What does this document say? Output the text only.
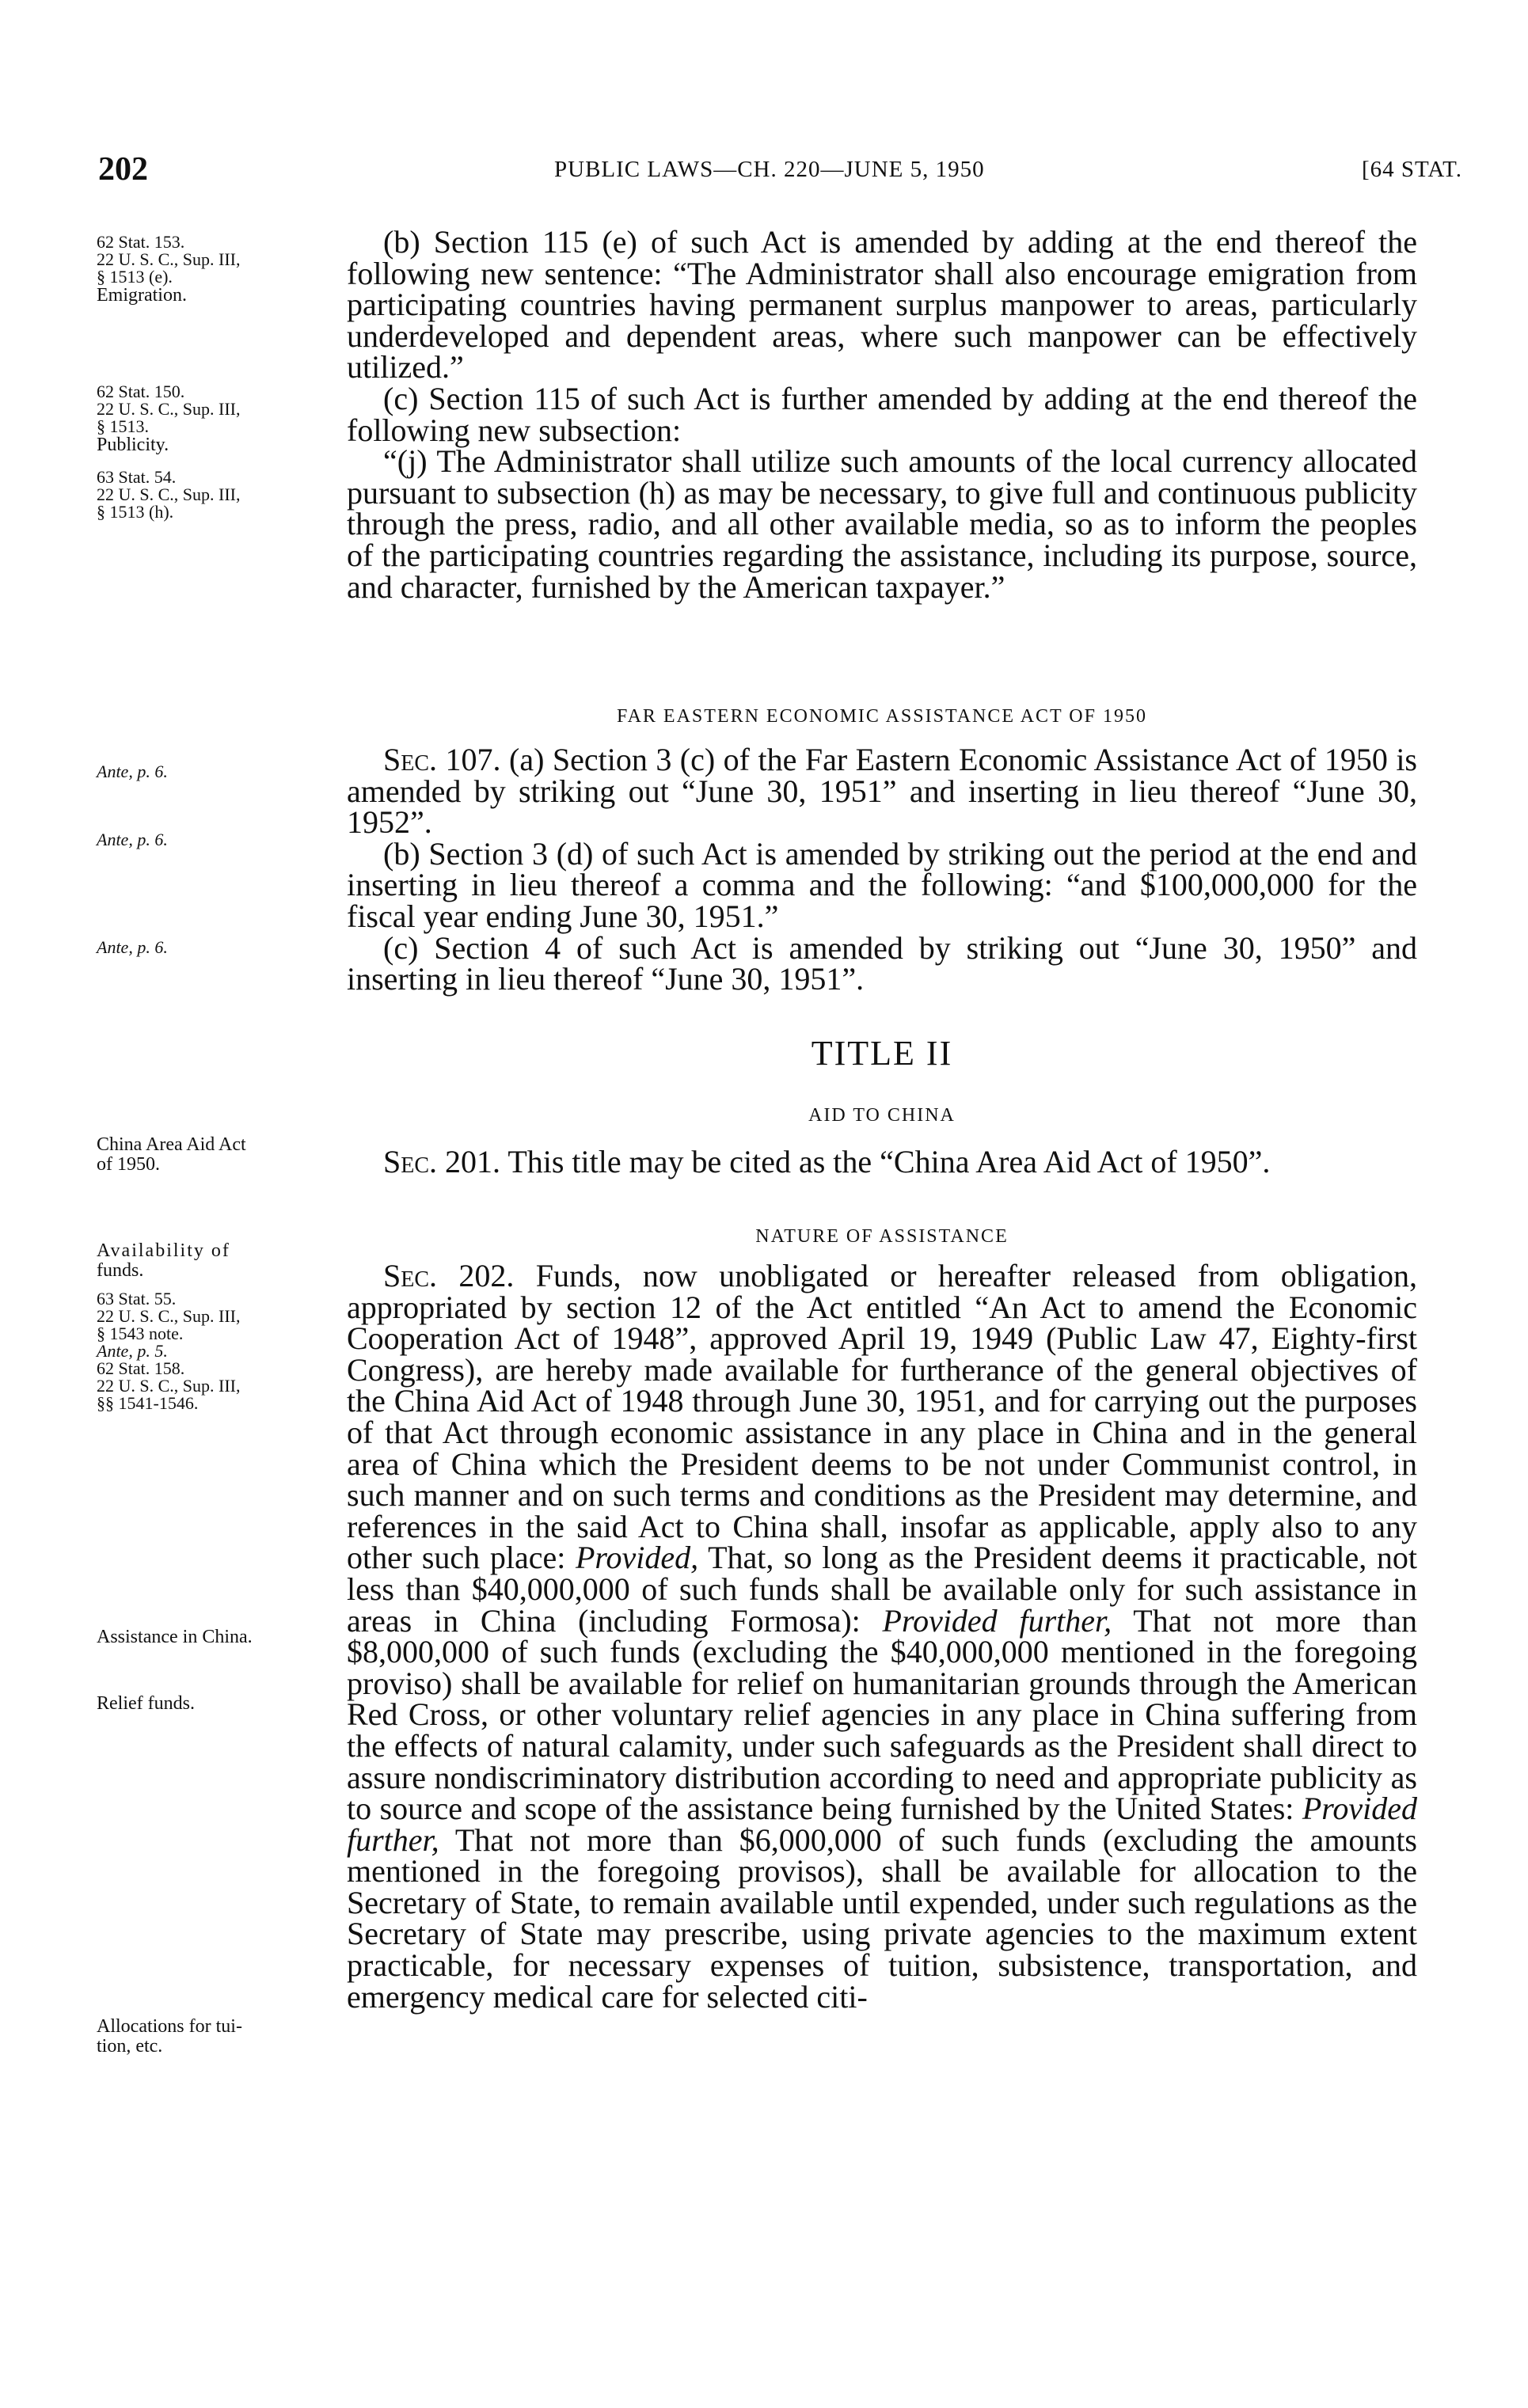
202	PUBLIC LAWS—CH. 220—JUNE 5, 1950	[64 STAT.
62 Stat. 153.
22 U. S. C., Sup. III,
§ 1513 (e).
Emigration.
62 Stat. 150.
22 U. S. C., Sup. III,
§ 1513.
Publicity.
63 Stat. 54.
22 U. S. C., Sup. III,
§ 1513 (h).
Ante, p. 6.
Ante, p. 6.
Ante, p. 6.
China Area Aid Act
of 1950.
Availability of
funds.
63 Stat. 55.
22 U. S. C., Sup. III,
§ 1543 note.
Ante, p. 5.
62 Stat. 158.
22 U. S. C., Sup. III,
§§ 1541-1546.
Assistance in China.
Relief funds.
Allocations for tui-
tion, etc.

(b) Section 115 (e) of such Act is amended by adding at the end thereof the following new sentence: “The Administrator shall also encourage emigration from participating countries having permanent surplus manpower to areas, particularly underdeveloped and dependent areas, where such manpower can be effectively utilized.”

(c) Section 115 of such Act is further amended by adding at the end thereof the following new subsection:

“(j) The Administrator shall utilize such amounts of the local currency allocated pursuant to subsection (h) as may be necessary, to give full and continuous publicity through the press, radio, and all other available media, so as to inform the peoples of the participating countries regarding the assistance, including its purpose, source, and character, furnished by the American taxpayer.”

FAR EASTERN ECONOMIC ASSISTANCE ACT OF 1950

Sec. 107. (a) Section 3 (c) of the Far Eastern Economic Assistance Act of 1950 is amended by striking out “June 30, 1951” and inserting in lieu thereof “June 30, 1952”.

(b) Section 3 (d) of such Act is amended by striking out the period at the end and inserting in lieu thereof a comma and the following: “and $100,000,000 for the fiscal year ending June 30, 1951.”

(c) Section 4 of such Act is amended by striking out “June 30, 1950” and inserting in lieu thereof “June 30, 1951”.

TITLE II
AID TO CHINA

Sec. 201. This title may be cited as the “China Area Aid Act of 1950”.

NATURE OF ASSISTANCE

Sec. 202. Funds, now unobligated or hereafter released from obligation, appropriated by section 12 of the Act entitled “An Act to amend the Economic Cooperation Act of 1948”, approved April 19, 1949 (Public Law 47, Eighty-first Congress), are hereby made available for furtherance of the general objectives of the China Aid Act of 1948 through June 30, 1951, and for carrying out the purposes of that Act through economic assistance in any place in China and in the general area of China which the President deems to be not under Communist control, in such manner and on such terms and conditions as the President may determine, and references in the said Act to China shall, insofar as applicable, apply also to any other such place: Provided, That, so long as the President deems it practicable, not less than $40,000,000 of such funds shall be available only for such assistance in areas in China (including Formosa): Provided further, That not more than $8,000,000 of such funds (excluding the $40,000,000 mentioned in the foregoing proviso) shall be available for relief on humanitarian grounds through the American Red Cross, or other voluntary relief agencies in any place in China suffering from the effects of natural calamity, under such safeguards as the President shall direct to assure nondiscriminatory distribution according to need and appropriate publicity as to source and scope of the assistance being furnished by the United States: Provided further, That not more than $6,000,000 of such funds (excluding the amounts mentioned in the foregoing provisos), shall be available for allocation to the Secretary of State, to remain available until expended, under such regulations as the Secretary of State may prescribe, using private agencies to the maximum extent practicable, for necessary expenses of tuition, subsistence, transportation, and emergency medical care for selected citi-
